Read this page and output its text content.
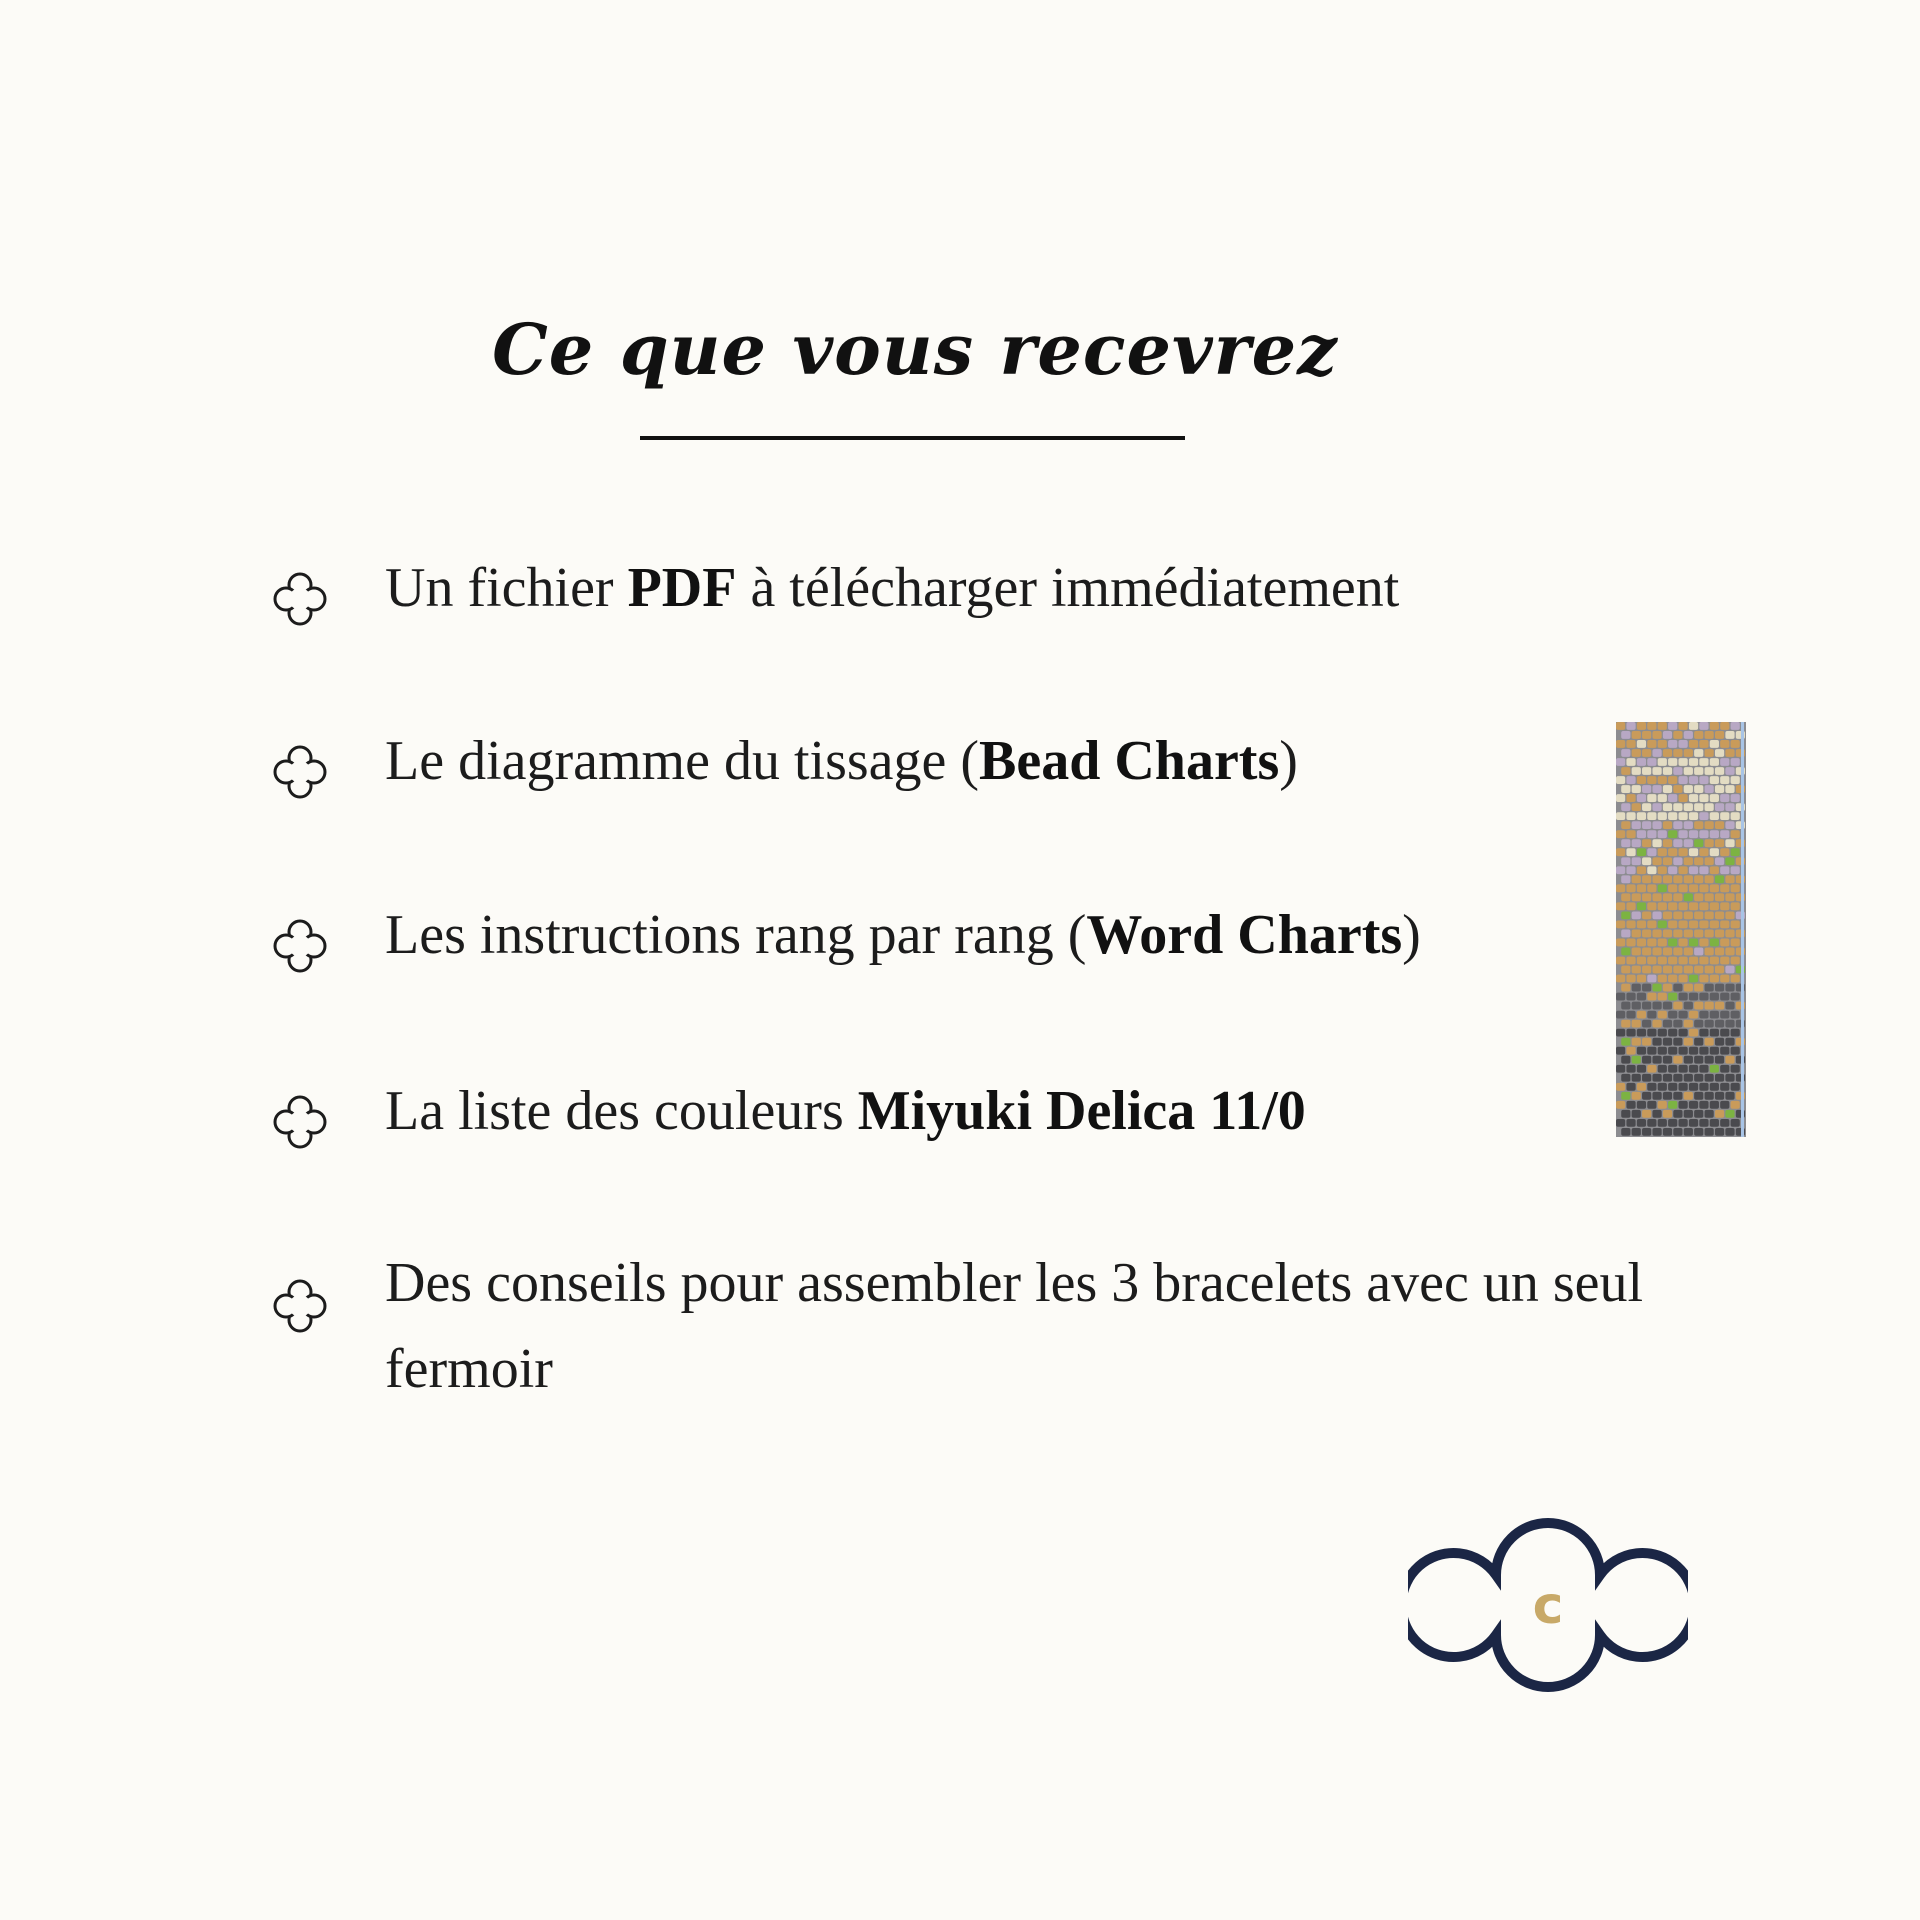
Ce que vous recevrez
Un fichier PDF à télécharger immédiatement
Le diagramme du tissage (Bead Charts)
Les instructions rang par rang (Word Charts)
La liste des couleurs Miyuki Delica 11/0
Des conseils pour assembler les 3 bracelets avec un seul fermoir
c
